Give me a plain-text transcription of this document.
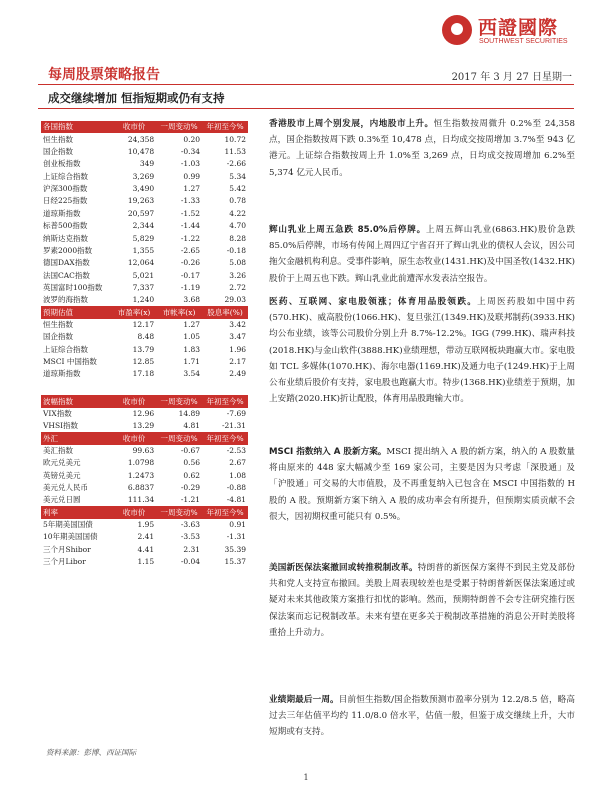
西證國際
SOUTHWEST SECURITIES
每周股票策略报告	2017 年 3 月 27 日星期一
成交继续增加 恒指短期或仍有支持
各国指数	收市价	一周变动%	年初至今%
恒生指数	24,358	0.20	10.72
国企指数	10,478	-0.34	11.53
创业板指数	349	-1.03	-2.66
上证综合指数	3,269	0.99	5.34
沪深300指数	3,490	1.27	5.42
日经225指数	19,263	-1.33	0.78
道琼斯指数	20,597	-1.52	4.22
标普500指数	2,344	-1.44	4.70
纳斯达克指数	5,829	-1.22	8.28
罗素2000指数	1,355	-2.65	-0.18
德国DAX指数	12,064	-0.26	5.08
法国CAC指数	5,021	-0.17	3.26
英国富时100指数	7,337	-1.19	2.72
波罗的海指数	1,240	3.68	29.03
预期估值	市盈率(x)	市帐率(x)	股息率(%)
恒生指数	12.17	1.27	3.42
国企指数	8.48	1.05	3.47
上证综合指数	13.79	1.83	1.96
MSCI 中国指数	12.85	1.71	2.17
道琼斯指数	17.18	3.54	2.49

波幅指数	收市价	一周变动%	年初至今%
VIX指数	12.96	14.89	-7.69
VHSI指数	13.29	4.81	-21.31
外汇	收市价	一周变动%	年初至今%
美汇指数	99.63	-0.67	-2.53
欧元兑美元	1.0798	0.56	2.67
英镑兑美元	1.2473	0.62	1.08
美元兑人民币	6.8837	-0.29	-0.88
美元兑日圆	111.34	-1.21	-4.81
利率	收市价	一周变动%	年初至今%
5年期美国国债	1.95	-3.63	0.91
10年期美国国债	2.41	-3.53	-1.31
三个月Shibor	4.41	2.31	35.39
三个月Libor	1.15	-0.04	15.37
资料来源：彭博、西证国际

香港股市上周个别发展，内地股市上升。恒生指数按周微升 0.2%至 24,358 点，国企指数按周下跌 0.3%至 10,478 点，日均成交按周增加 3.7%至 943 亿港元。上证综合指数按周上升 1.0%至 3,269 点，日均成交按周增加 6.2%至 5,374 亿元人民币。

辉山乳业上周五急跌 85.0%后停牌。上周五辉山乳业(6863.HK)股价急跌 85.0%后停牌，市场有传闻上周四辽宁省召开了辉山乳业的债权人会议，因公司拖欠金融机构利息。受事件影响，原生态牧业(1431.HK)及中国圣牧(1432.HK)股价于上周五也下跌。辉山乳业此前遭浑水发表沽空报告。

医药、互联网、家电股领涨；体育用品股领跌。上周医药股如中国中药(570.HK)、威高股份(1066.HK)、复旦张江(1349.HK)及联邦制药(3933.HK)均公布业绩，该等公司股价分别上升 8.7%-12.2%。IGG (799.HK)、瑞声科技(2018.HK)与金山软件(3888.HK)业绩理想，带动互联网板块跑赢大市。家电股如 TCL 多媒体(1070.HK)、海尔电器(1169.HK)及通力电子(1249.HK)于上周公布业绩后股价有支持，家电股也跑赢大市。特步(1368.HK)业绩差于预期，加上安踏(2020.HK)折让配股，体育用品股跑输大市。

MSCI 指数纳入 A 股新方案。MSCI 提出纳入 A 股的新方案，纳入的 A 股数量将由原来的 448 家大幅减少至 169 家公司，主要是因为只考虑「深股通」及「沪股通」可交易的大市值股，及不再重复纳入已包含在 MSCI 中国指数的 H 股的 A 股。预期新方案下纳入 A 股的成功率会有所提升，但预期实质贡献不会很大，因初期权重可能只有 0.5%。

美国新医保法案撤回或转推税制改革。特朗普的新医保方案得不到民主党及部份共和党人支持宣布撤回。美股上周表现较差也是受累于特朗普新医保法案通过或疑对未来其他政策方案推行扣忧的影响。然而，预期特朗普不会专注研究推行医保法案而忘记税制改革。未来有望在更多关于税制改革措施的消息公开时美股将重拾上升动力。

业绩期最后一周。目前恒生指数/国企指数预测市盈率分别为 12.2/8.5 倍，略高过去三年估值平均约 11.0/8.0 倍水平，估值一般，但鉴于成交继续上升，大市短期或有支持。

1
